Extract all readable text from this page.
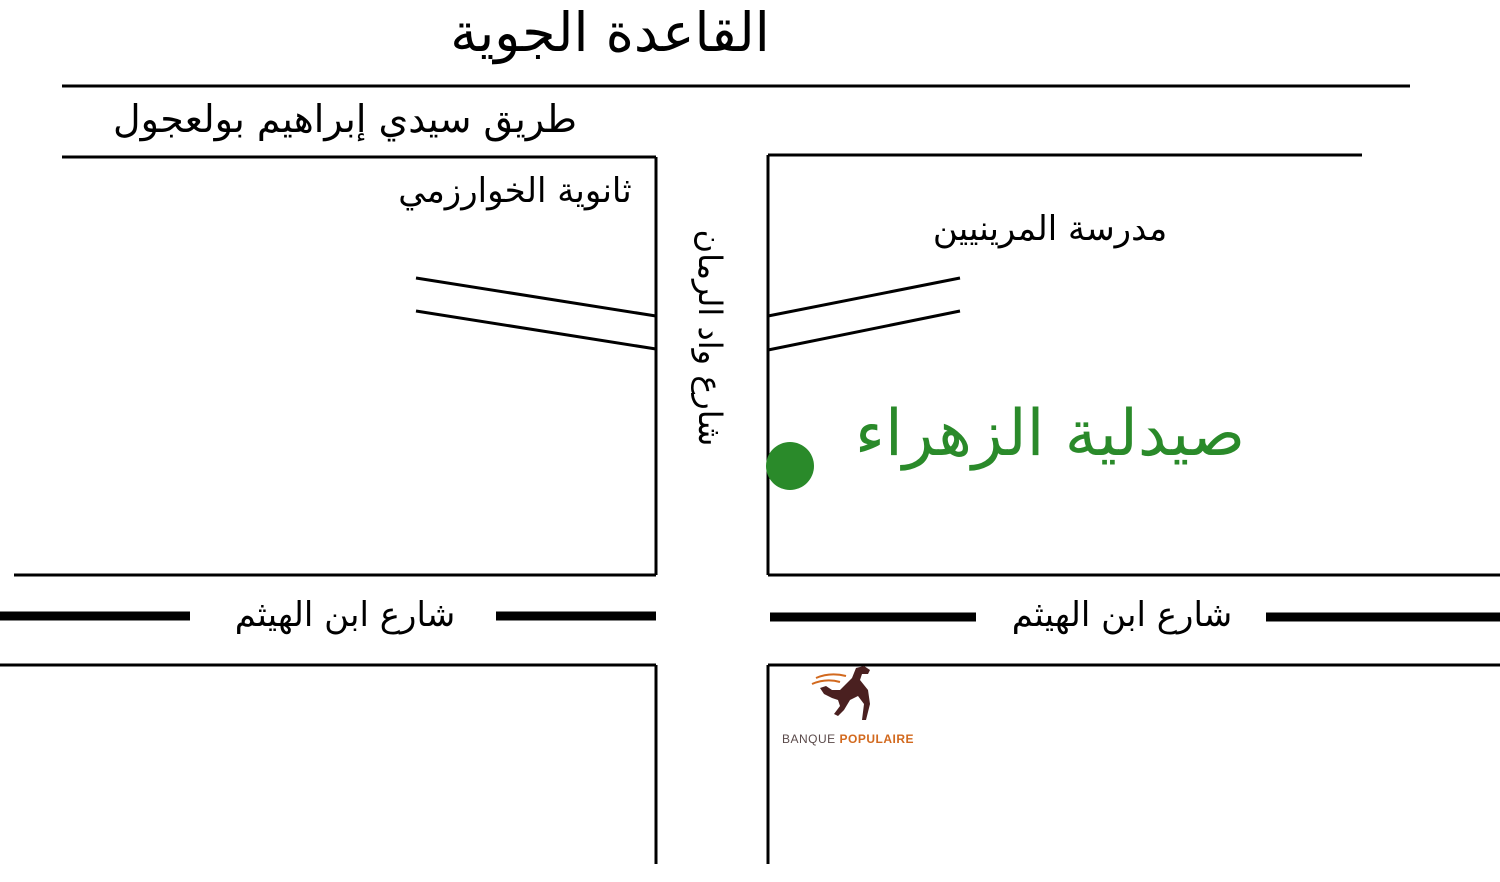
القاعدة الجوية
طريق سيدي إبراهيم بولعجول
ثانوية الخوارزمي
مدرسة المرينيين
شارع واد الرمان
شارع ابن الهيثم	شارع ابن الهيثم
صيدلية الزهراء
BANQUE POPULAIRE
